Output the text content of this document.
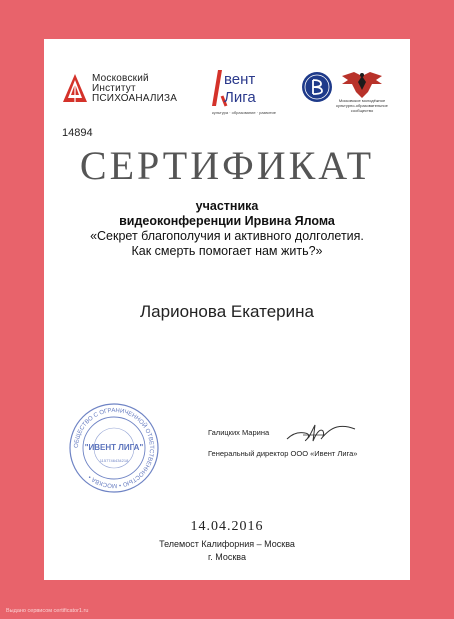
Московский
Институт
ПСИХОАНАЛИЗА
вент
Лига
культура · образование · развитие
Московское молодёжное культурно-образовательное сообщество
14894
СЕРТИФИКАТ
участника
видеоконференции Ирвина Ялома
«Секрет благополучия и активного долголетия.
Как смерть помогает нам жить?»
Ларионова Екатерина
ОБЩЕСТВО С ОГРАНИЧЕННОЙ ОТВЕТСТВЕННОСТЬЮ • МОСКВА •
"ИВЕНТ ЛИГА"
1157746434218
Галицких Марина
Генеральный директор ООО «Ивент Лига»
14.04.2016
Телемост Калифорния – Москва
г. Москва
Выдано сервисом certificator1.ru
